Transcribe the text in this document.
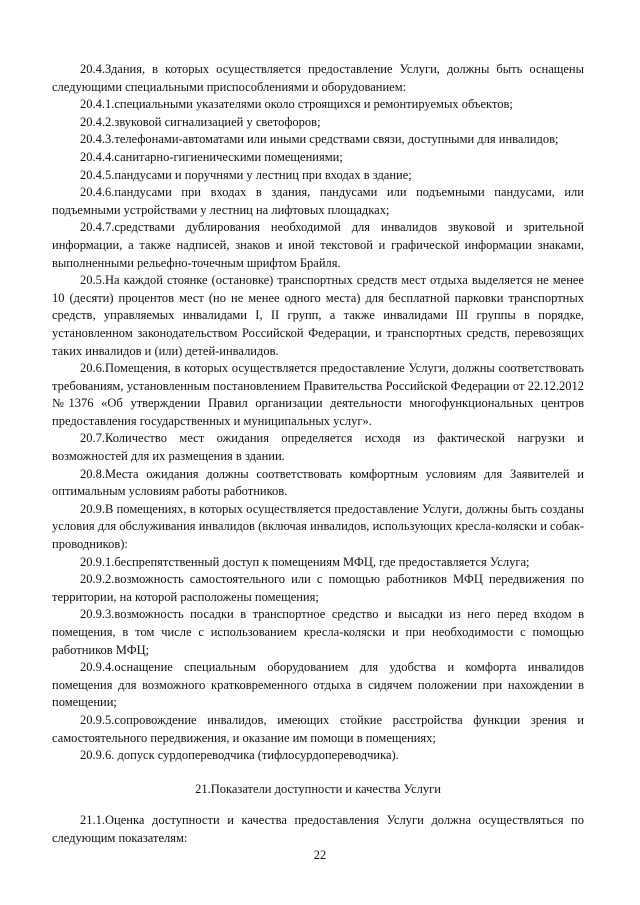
20.4.Здания, в которых осуществляется предоставление Услуги, должны быть оснащены следующими специальными приспособлениями и оборудованием:

20.4.1.специальными указателями около строящихся и ремонтируемых объектов;

20.4.2.звуковой сигнализацией у светофоров;

20.4.3.телефонами-автоматами или иными средствами связи, доступными для инвалидов;

20.4.4.санитарно-гигиеническими помещениями;

20.4.5.пандусами и поручнями у лестниц при входах в здание;

20.4.6.пандусами при входах в здания, пандусами или подъемными пандусами, или подъемными устройствами у лестниц на лифтовых площадках;

20.4.7.средствами дублирования необходимой для инвалидов звуковой и зрительной информации, а также надписей, знаков и иной текстовой и графической информации знаками, выполненными рельефно-точечным шрифтом Брайля.

20.5.На каждой стоянке (остановке) транспортных средств мест отдыха выделяется не менее 10 (десяти) процентов мест (но не менее одного места) для бесплатной парковки транспортных средств, управляемых инвалидами I, II групп, а также инвалидами III группы в порядке, установленном законодательством Российской Федерации, и транспортных средств, перевозящих таких инвалидов и (или) детей-инвалидов.

20.6.Помещения, в которых осуществляется предоставление Услуги, должны соответствовать требованиям, установленным постановлением Правительства Российской Федерации от 22.12.2012 №1376 «Об утверждении Правил организации деятельности многофункциональных центров предоставления государственных и муниципальных услуг».

20.7.Количество мест ожидания определяется исходя из фактической нагрузки и возможностей для их размещения в здании.

20.8.Места ожидания должны соответствовать комфортным условиям для Заявителей и оптимальным условиям работы работников.

20.9.В помещениях, в которых осуществляется предоставление Услуги, должны быть созданы условия для обслуживания инвалидов (включая инвалидов, использующих кресла-коляски и собак-проводников):

20.9.1.беспрепятственный доступ к помещениям МФЦ, где предоставляется Услуга;

20.9.2.возможность самостоятельного или с помощью работников МФЦ передвижения по территории, на которой расположены помещения;

20.9.3.возможность посадки в транспортное средство и высадки из него перед входом в помещения, в том числе с использованием кресла-коляски и при необходимости с помощью работников МФЦ;

20.9.4.оснащение специальным оборудованием для удобства и комфорта инвалидов помещения для возможного кратковременного отдыха в сидячем положении при нахождении в помещении;

20.9.5.сопровождение инвалидов, имеющих стойкие расстройства функции зрения и самостоятельного передвижения, и оказание им помощи в помещениях;

20.9.6. допуск сурдопереводчика (тифлосурдопереводчика).

21.Показатели доступности и качества Услуги

21.1.Оценка доступности и качества предоставления Услуги должна осуществляться по следующим показателям:

22
